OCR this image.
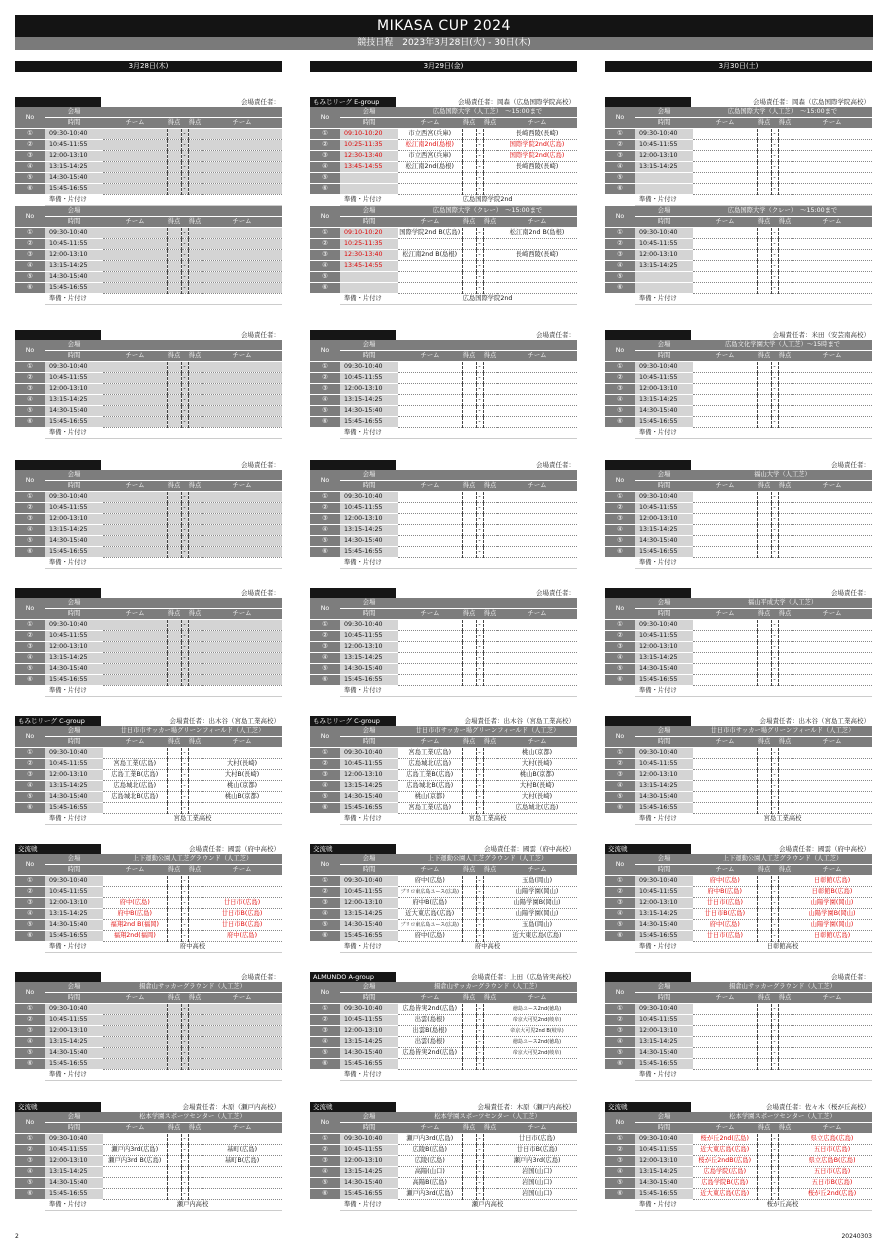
MIKASA CUP 2024
競技日程　2023年3月28日(火) - 30日(木)
3月28日(木)	3月29日(金)	3月30日(土)
会場責任者：
No	会場					
	時間	チーム	得点		得点	チーム
①	09:30-10:40			-		
②	10:45-11:55			-		
③	12:00-13:10			-		
④	13:15-14:25			-		
⑤	14:30-15:40			-		
⑥	15:45-16:55			-		
	準備・片付け					
No	会場					
	時間	チーム	得点		得点	チーム
①	09:30-10:40			-		
②	10:45-11:55			-		
③	12:00-13:10			-		
④	13:15-14:25			-		
⑤	14:30-15:40			-		
⑥	15:45-16:55			-		
	準備・片付け					
もみじリーグ E-group	会場責任者：岡森（広島国際学院高校）
No	会場	広島国際大学（人工芝）　～15:00まで				
	時間	チーム	得点		得点	チーム
①	09:10-10:20	市立西宮(兵庫)		-		長崎西陵(長崎)
②	10:25-11:35	松江南2nd(島根)		-		国際学院2nd(広島)
③	12:30-13:40	市立西宮(兵庫)		-		国際学院2nd(広島)
④	13:45-14:55	松江南2nd(島根)		-		長崎西陵(長崎)
⑤				-		
⑥				-		
	準備・片付け	広島国際学院2nd				
No	会場	広島国際大学（クレー）　～15:00まで				
	時間	チーム	得点		得点	チーム
①	09:10-10:20	国際学院2nd B(広島)		-		松江南2nd B(島根)
②	10:25-11:35			-		
③	12:30-13:40	松江南2nd B(島根)		-		長崎西陵(長崎)
④	13:45-14:55			-		
⑤				-		
⑥				-		
	準備・片付け	広島国際学院2nd				
会場責任者：岡森（広島国際学院高校）
No	会場	広島国際大学（人工芝）　～15:00まで				
	時間	チーム	得点		得点	チーム
①	09:30-10:40			-		
②	10:45-11:55			-		
③	12:00-13:10			-		
④	13:15-14:25			-		
⑤				-		
⑥				-		
	準備・片付け					
No	会場	広島国際大学（クレー）　～15:00まで				
	時間	チーム	得点		得点	チーム
①	09:30-10:40			-		
②	10:45-11:55			-		
③	12:00-13:10			-		
④	13:15-14:25			-		
⑤				-		
⑥				-		
	準備・片付け					
会場責任者：
No	会場					
	時間	チーム	得点		得点	チーム
①	09:30-10:40			-		
②	10:45-11:55			-		
③	12:00-13:10			-		
④	13:15-14:25			-		
⑤	14:30-15:40			-		
⑥	15:45-16:55			-		
	準備・片付け					
会場責任者：
No	会場					
	時間	チーム	得点		得点	チーム
①	09:30-10:40			-		
②	10:45-11:55			-		
③	12:00-13:10			-		
④	13:15-14:25			-		
⑤	14:30-15:40			-		
⑥	15:45-16:55			-		
	準備・片付け					
会場責任者：米田（安芸南高校）
No	会場	広島文化学園大学（人工芝）～15時まで				
	時間	チーム	得点		得点	チーム
①	09:30-10:40			-		
②	10:45-11:55			-		
③	12:00-13:10			-		
④	13:15-14:25			-		
⑤	14:30-15:40			-		
⑥	15:45-16:55			-		
	準備・片付け					
会場責任者：
No	会場					
	時間	チーム	得点		得点	チーム
①	09:30-10:40			-		
②	10:45-11:55			-		
③	12:00-13:10			-		
④	13:15-14:25			-		
⑤	14:30-15:40			-		
⑥	15:45-16:55			-		
	準備・片付け					
会場責任者：
No	会場					
	時間	チーム	得点		得点	チーム
①	09:30-10:40			-		
②	10:45-11:55			-		
③	12:00-13:10			-		
④	13:15-14:25			-		
⑤	14:30-15:40			-		
⑥	15:45-16:55			-		
	準備・片付け					
会場責任者：
No	会場	福山大学（人工芝）				
	時間	チーム	得点		得点	チーム
①	09:30-10:40			-		
②	10:45-11:55			-		
③	12:00-13:10			-		
④	13:15-14:25			-		
⑤	14:30-15:40			-		
⑥	15:45-16:55			-		
	準備・片付け					
会場責任者：
No	会場					
	時間	チーム	得点		得点	チーム
①	09:30-10:40			-		
②	10:45-11:55			-		
③	12:00-13:10			-		
④	13:15-14:25			-		
⑤	14:30-15:40			-		
⑥	15:45-16:55			-		
	準備・片付け					
会場責任者：
No	会場					
	時間	チーム	得点		得点	チーム
①	09:30-10:40			-		
②	10:45-11:55			-		
③	12:00-13:10			-		
④	13:15-14:25			-		
⑤	14:30-15:40			-		
⑥	15:45-16:55			-		
	準備・片付け					
会場責任者：
No	会場	福山平成大学（人工芝）				
	時間	チーム	得点		得点	チーム
①	09:30-10:40			-		
②	10:45-11:55			-		
③	12:00-13:10			-		
④	13:15-14:25			-		
⑤	14:30-15:40			-		
⑥	15:45-16:55			-		
	準備・片付け					
もみじリーグ C-group	会場責任者：出木谷（宮島工業高校）
No	会場	廿日市市サッカー場グリーンフィールド（人工芝）				
	時間	チーム	得点		得点	チーム
①	09:30-10:40			-		
②	10:45-11:55	宮島工業(広島)		-		大村(長崎)
③	12:00-13:10	広島工業B(広島)		-		大村B(長崎)
④	13:15-14:25	広島城北(広島)		-		桃山(京都)
⑤	14:30-15:40	広島城北B(広島)		-		桃山B(京都)
⑥	15:45-16:55			-		
	準備・片付け	宮島工業高校				
もみじリーグ C-group	会場責任者：出木谷（宮島工業高校）
No	会場	廿日市市サッカー場グリーンフィールド（人工芝）				
	時間	チーム	得点		得点	チーム
①	09:30-10:40	宮島工業(広島)		-		桃山(京都)
②	10:45-11:55	広島城北(広島)		-		大村(長崎)
③	12:00-13:10	広島工業B(広島)		-		桃山B(京都)
④	13:15-14:25	広島城北B(広島)		-		大村B(長崎)
⑤	14:30-15:40	桃山(京都)		-		大村(長崎)
⑥	15:45-16:55	宮島工業(広島)		-		広島城北(広島)
	準備・片付け	宮島工業高校				
会場責任者：出木谷（宮島工業高校）
No	会場	廿日市市サッカー場グリーンフィールド（人工芝）				
	時間	チーム	得点		得点	チーム
①	09:30-10:40			-		
②	10:45-11:55			-		
③	12:00-13:10			-		
④	13:15-14:25			-		
⑤	14:30-15:40			-		
⑥	15:45-16:55			-		
	準備・片付け	宮島工業高校				
交流戦	会場責任者：國雲（府中高校）
No	会場	上下運動公園人工芝グラウンド（人工芝）				
	時間	チーム	得点		得点	チーム
①	09:30-10:40			-		
②	10:45-11:55			-		
③	12:00-13:10	府中(広島)		-		廿日市(広島)
④	13:15-14:25	府中B(広島)		-		廿日市B(広島)
⑤	14:30-15:40	福翔2nd B(福岡)		-		廿日市B(広島)
⑥	15:45-16:55	福翔2nd(福岡)		-		府中(広島)
	準備・片付け	府中高校				
交流戦	会場責任者：國雲（府中高校）
No	会場	上下運動公園人工芝グラウンド（人工芝）				
	時間	チーム	得点		得点	チーム
①	09:30-10:40	府中(広島)		-		玉島(岡山)
②	10:45-11:55	ブリロ東広島ユース(広島)		-		山陽学園(岡山)
③	12:00-13:10	府中B(広島)		-		山陽学園B(岡山)
④	13:15-14:25	近大東広島(広島)		-		山陽学園(岡山)
⑤	14:30-15:40	ブリロ東広島ユース(広島)		-		玉島(岡山)
⑥	15:45-16:55	府中(広島)		-		近大東広島(広島)
	準備・片付け	府中高校				
交流戦	会場責任者：國雲（府中高校）
No	会場	上下運動公園人工芝グラウンド（人工芝）				
	時間	チーム	得点		得点	チーム
①	09:30-10:40	府中(広島)		-		日彰館(広島)
②	10:45-11:55	府中B(広島)		-		日彰館B(広島)
③	12:00-13:10	廿日市(広島)		-		山陽学園(岡山)
④	13:15-14:25	廿日市B(広島)		-		山陽学園B(岡山)
⑤	14:30-15:40	府中(広島)		-		山陽学園(岡山)
⑥	15:45-16:55	廿日市(広島)		-		日彰館(広島)
	準備・片付け	日彰館高校				
会場責任者：
No	会場	揚倉山サッカーグラウンド（人工芝）				
	時間	チーム	得点		得点	チーム
①	09:30-10:40			-		
②	10:45-11:55			-		
③	12:00-13:10			-		
④	13:15-14:25			-		
⑤	14:30-15:40			-		
⑥	15:45-16:55			-		
	準備・片付け					
ALMUNDO A-group	会場責任者：上田（広島皆実高校）
No	会場	揚倉山サッカーグラウンド（人工芝）				
	時間	チーム	得点		得点	チーム
①	09:30-10:40	広島皆実2nd(広島)		-		徳島ユース2nd(徳島)
②	10:45-11:55	出雲(島根)		-		帝京大可児2nd(岐阜)
③	12:00-13:10	出雲B(島根)		-		帝京大可児2nd B(岐阜)
④	13:15-14:25	出雲(島根)		-		徳島ユース2nd(徳島)
⑤	14:30-15:40	広島皆実2nd(広島)		-		帝京大可児2nd(岐阜)
⑥	15:45-16:55			-		
	準備・片付け					
会場責任者：
No	会場	揚倉山サッカーグラウンド（人工芝）				
	時間	チーム	得点		得点	チーム
①	09:30-10:40			-		
②	10:45-11:55			-		
③	12:00-13:10			-		
④	13:15-14:25			-		
⑤	14:30-15:40			-		
⑥	15:45-16:55			-		
	準備・片付け					
交流戦	会場責任者：木原（瀬戸内高校）
No	会場	松本学園スポーツセンター（人工芝）				
	時間	チーム	得点		得点	チーム
①	09:30-10:40			-		
②	10:45-11:55	瀬戸内3rd(広島)		-		基町(広島)
③	12:00-13:10	瀬戸内3rd B(広島)		-		基町B(広島)
④	13:15-14:25			-		
⑤	14:30-15:40			-		
⑥	15:45-16:55			-		
	準備・片付け	瀬戸内高校				
交流戦	会場責任者：木原（瀬戸内高校）
No	会場	松本学園スポーツセンター（人工芝）				
	時間	チーム	得点		得点	チーム
①	09:30-10:40	瀬戸内3rd(広島)		-		廿日市(広島)
②	10:45-11:55	広陵B(広島)		-		廿日市B(広島)
③	12:00-13:10	広陵(広島)		-		瀬戸内3rd(広島)
④	13:15-14:25	高陽(山口)		-		岩国(山口)
⑤	14:30-15:40	高陽B(広島)		-		岩国(山口)
⑥	15:45-16:55	瀬戸内3rd(広島)		-		岩国(山口)
	準備・片付け	瀬戸内高校				
交流戦	会場責任者：佐々木（桜が丘高校）
No	会場	松本学園スポーツセンター（人工芝）				
	時間	チーム	得点		得点	チーム
①	09:30-10:40	桜が丘2nd(広島)		-		県立広島(広島)
②	10:45-11:55	近大東広島(広島)		-		五日市(広島)
③	12:00-13:10	桜が丘2ndB(広島)		-		県立広島B(広島)
④	13:15-14:25	広島学院(広島)		-		五日市(広島)
⑤	14:30-15:40	広島学院B(広島)		-		五日市B(広島)
⑥	15:45-16:55	近大東広島(広島)		-		桜が丘2nd(広島)
	準備・片付け	桜が丘高校				
2	20240303
